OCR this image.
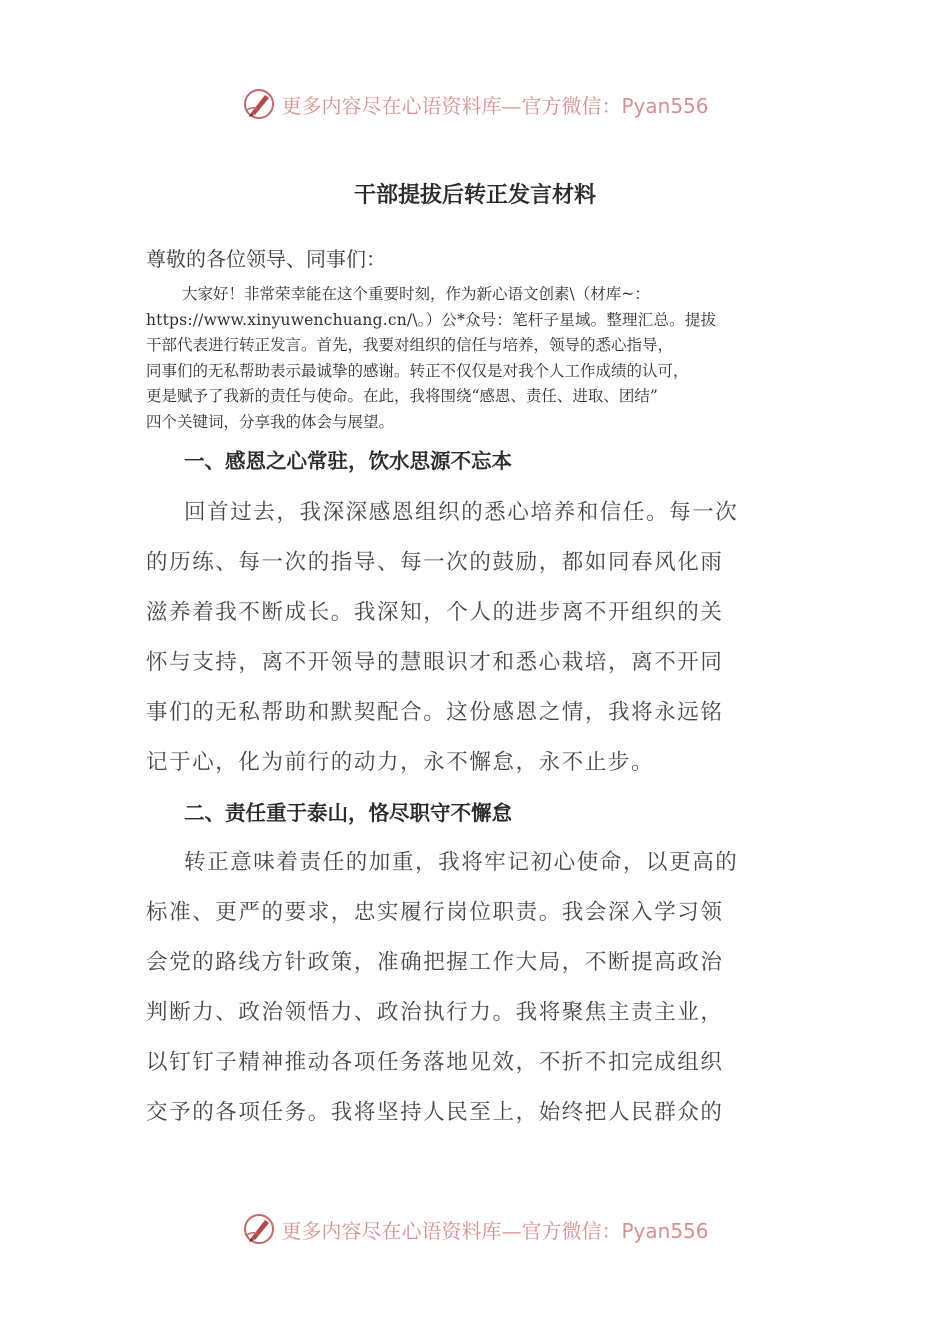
更多内容尽在心语资料库—官方微信：Pyan556
干部提拔后转正发言材料
尊敬的各位领导、同事们：
大家好！非常荣幸能在这个重要时刻，作为新心语文创素\（材库~：
https://www.xinyuwenchuang.cn/\。）公*众号：笔杆子星域。整理汇总。提拔
干部代表进行转正发言。首先，我要对组织的信任与培养，领导的悉心指导，
同事们的无私帮助表示最诚挚的感谢。转正不仅仅是对我个人工作成绩的认可，
更是赋予了我新的责任与使命。在此，我将围绕“感恩、责任、进取、团结”
四个关键词，分享我的体会与展望。
一、感恩之心常驻，饮水思源不忘本
回首过去，我深深感恩组织的悉心培养和信任。每一次
的历练、每一次的指导、每一次的鼓励，都如同春风化雨
滋养着我不断成长。我深知，个人的进步离不开组织的关
怀与支持，离不开领导的慧眼识才和悉心栽培，离不开同
事们的无私帮助和默契配合。这份感恩之情，我将永远铭
记于心，化为前行的动力，永不懈怠，永不止步。
二、责任重于泰山，恪尽职守不懈怠
转正意味着责任的加重，我将牢记初心使命，以更高的
标准、更严的要求，忠实履行岗位职责。我会深入学习领
会党的路线方针政策，准确把握工作大局，不断提高政治
判断力、政治领悟力、政治执行力。我将聚焦主责主业，
以钉钉子精神推动各项任务落地见效，不折不扣完成组织
交予的各项任务。我将坚持人民至上，始终把人民群众的
更多内容尽在心语资料库—官方微信：Pyan556
